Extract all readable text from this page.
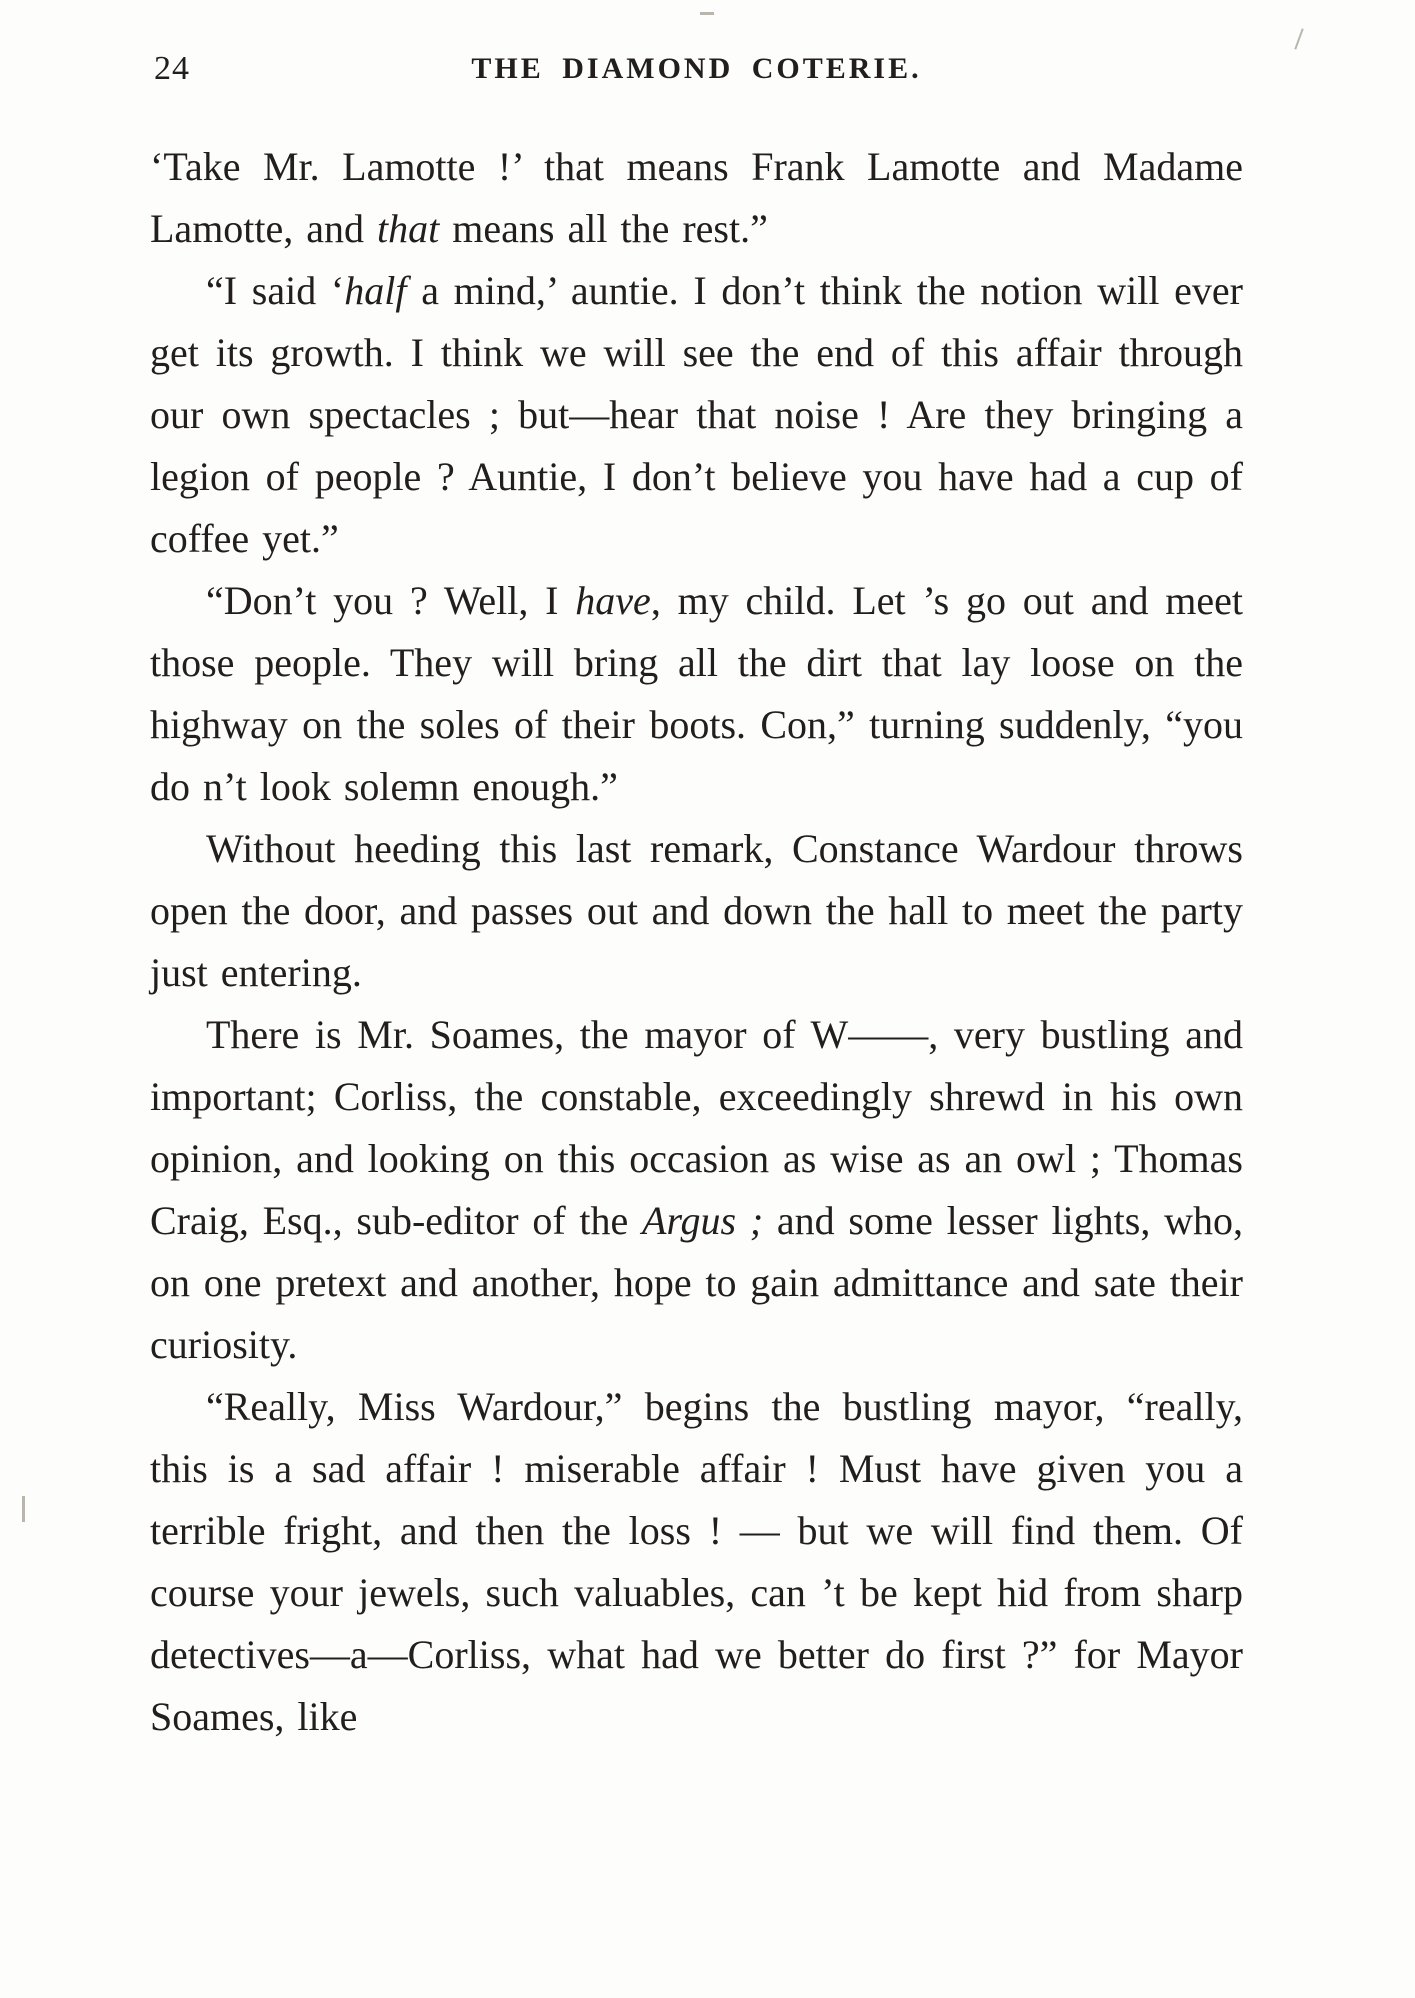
24	THE DIAMOND COTERIE.

‘Take Mr. Lamotte !’ that means Frank Lamotte and Madame Lamotte, and that means all the rest.”

“I said ‘half a mind,’ auntie. I don’t think the notion will ever get its growth. I think we will see the end of this affair through our own spectacles ; but—hear that noise ! Are they bringing a legion of people ? Auntie, I don’t believe you have had a cup of coffee yet.”

“Don’t you ? Well, I have, my child. Let ’s go out and meet those people. They will bring all the dirt that lay loose on the highway on the soles of their boots. Con,” turning suddenly, “you do n’t look solemn enough.”

Without heeding this last remark, Constance Wardour throws open the door, and passes out and down the hall to meet the party just entering.

There is Mr. Soames, the mayor of W——, very bustling and important; Corliss, the constable, exceedingly shrewd in his own opinion, and looking on this occasion as wise as an owl ; Thomas Craig, Esq., sub-editor of the Argus ; and some lesser lights, who, on one pretext and another, hope to gain admittance and sate their curiosity.

“Really, Miss Wardour,” begins the bustling mayor, “really, this is a sad affair ! miserable affair ! Must have given you a terrible fright, and then the loss ! — but we will find them. Of course your jewels, such valuables, can ’t be kept hid from sharp detectives—a—Corliss, what had we better do first ?” for Mayor Soames, like
